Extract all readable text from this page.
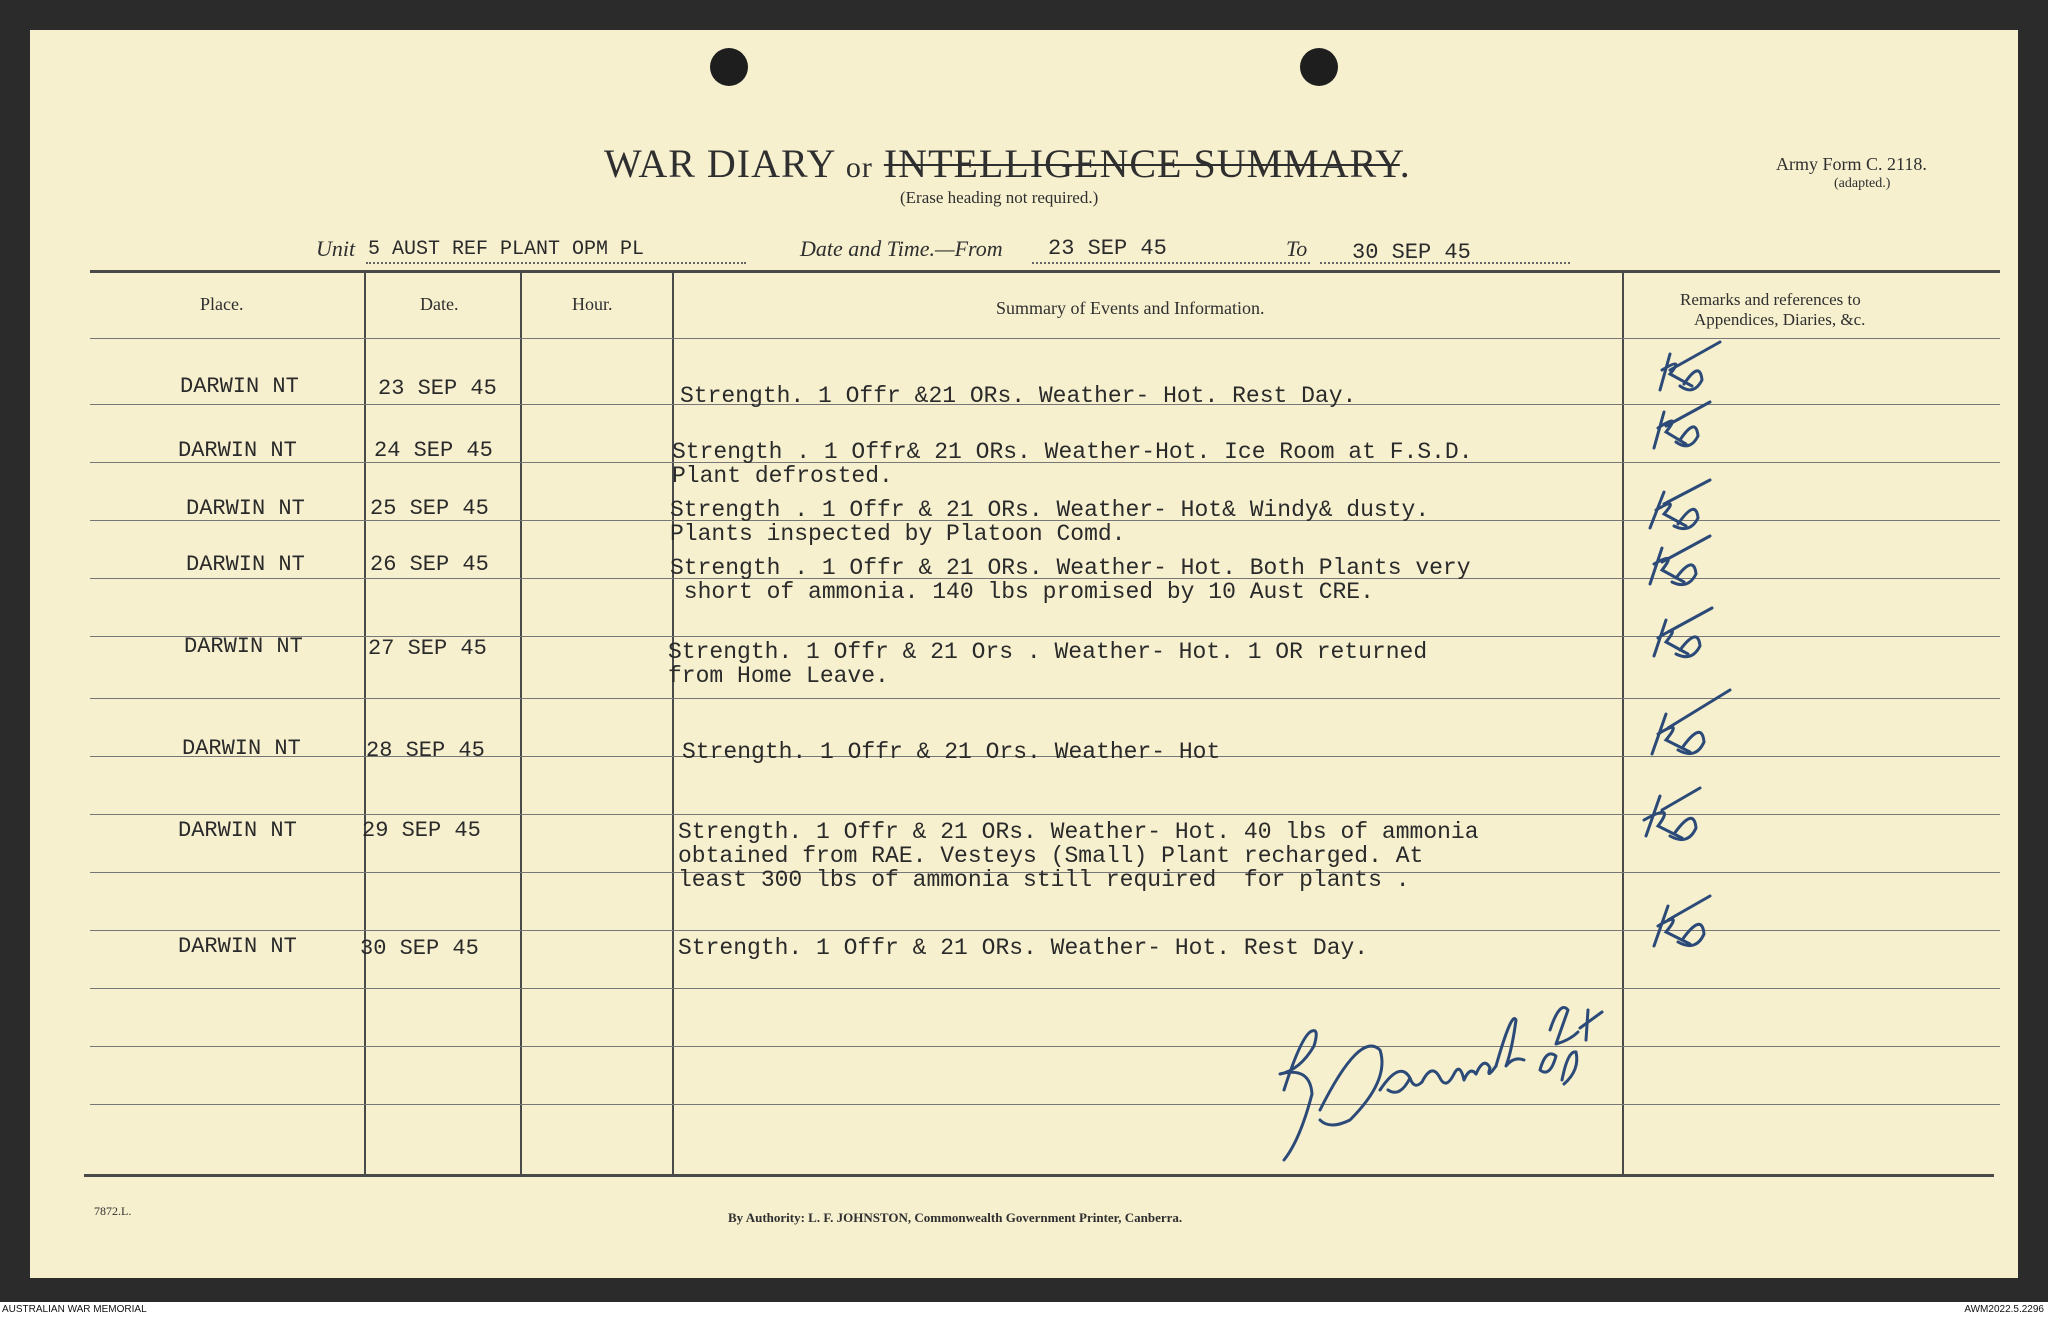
WAR DIARY or INTELLIGENCE SUMMARY.
(Erase heading not required.)
Army Form C. 2118.
(adapted.)
Unit 5 AUST REF PLANT OPM PL	Date and Time.—From 23 SEP 45	To 30 SEP 45
Place.	Date.	Hour.	Summary of Events and Information.	Remarks and references to
Appendices, Diaries, &c.
DARWIN NT	23 SEP 45	Strength. 1 Offr &21 ORs. Weather- Hot. Rest Day.
DARWIN NT	24 SEP 45	Strength . 1 Offr& 21 ORs. Weather-Hot. Ice Room at F.S.D.
Plant defrosted.
DARWIN NT	25 SEP 45	Strength . 1 Offr & 21 ORs. Weather- Hot& Windy& dusty.
Plants inspected by Platoon Comd.
DARWIN NT	26 SEP 45	Strength . 1 Offr & 21 ORs. Weather- Hot. Both Plants very
short of ammonia. 140 lbs promised by 10 Aust CRE.
DARWIN NT	27 SEP 45	Strength. 1 Offr & 21 Ors . Weather- Hot. 1 OR returned
from Home Leave.
DARWIN NT	28 SEP 45	Strength. 1 Offr & 21 Ors. Weather- Hot
DARWIN NT	29 SEP 45	Strength. 1 Offr & 21 ORs. Weather- Hot. 40 lbs of ammonia
obtained from RAE. Vesteys (Small) Plant recharged. At
least 300 lbs of ammonia still required  for plants .
DARWIN NT	30 SEP 45	Strength. 1 Offr & 21 ORs. Weather- Hot. Rest Day.
7872.L.	By Authority: L. F. JOHNSTON, Commonwealth Government Printer, Canberra.
AUSTRALIAN WAR MEMORIAL	AWM2022.5.2296
